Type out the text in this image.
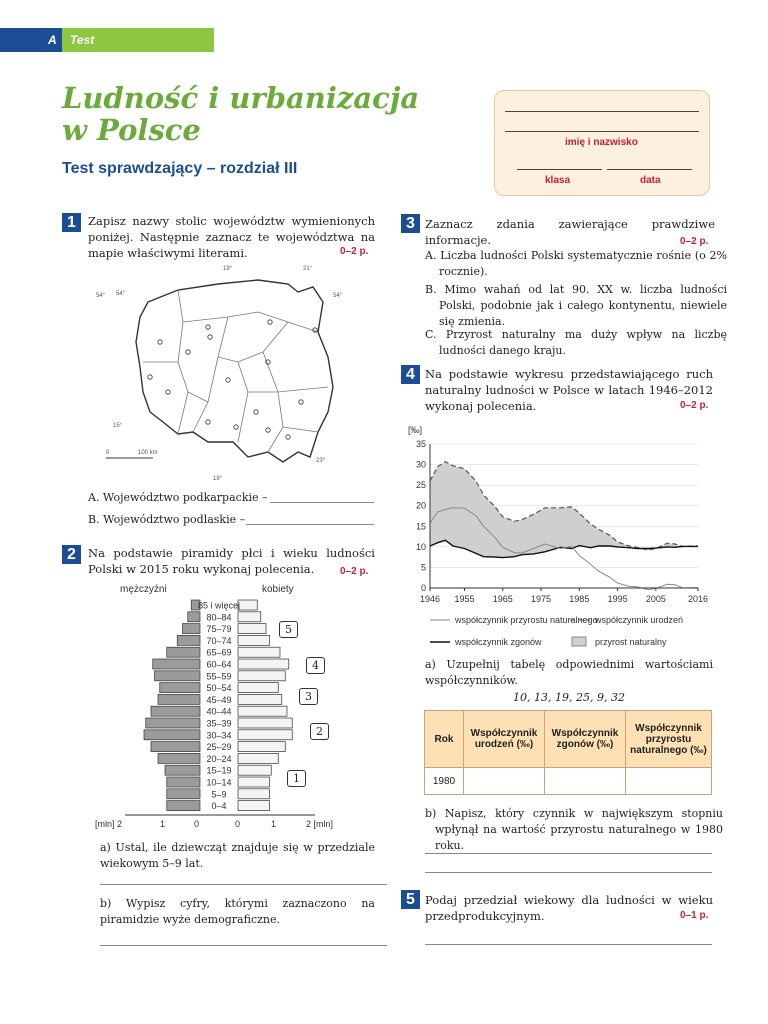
A	Test
Ludność i urbanizacja
w Polsce
Test sprawdzający – rozdział III
imię i nazwisko
klasa	data
1	Zapisz nazwy stolic województw wymienionych poniżej. Następnie zaznacz te województwa na mapie właściwymi literami.	0–2 p.
54°
54°
19°	21°
54°
15°
23°
19°
0	100 km
A. Województwo podkarpackie –
B. Województwo podlaskie –
2	Na podstawie piramidy płci i wieku ludności Polski w 2015 roku wykonaj polecenia.	0–2 p.
mężczyźni	kobiety
85 i więcej
80–84
75–79
70–74
65–69
60–64
55–59
50–54
45–49
40–44
35–39
30–34
25–29
20–24
15–19
10–14
5–9
0–4
[mln] 2	1	0	0	1	2 [mln]
5
4
3
2
1
a) Ustal, ile dziewcząt znajduje się w przedziale wiekowym 5–9 lat.
b) Wypisz cyfry, którymi zaznaczono na piramidzie wyże demograficzne.
3 Zaznacz zdania zawierające prawdziwe informacje.	0–2 p.
A. Liczba ludności Polski systematycznie rośnie (o 2% rocznie).
B. Mimo wahań od lat 90. XX w. liczba ludności Polski, podobnie jak i całego kontynentu, niewiele się zmienia.
C. Przyrost naturalny ma duży wpływ na liczbę ludności danego kraju.
4 Na podstawie wykresu przedstawiającego ruch naturalny ludności w Polsce w latach 1946–2012 wykonaj polecenia.	0–2 p.
[‰]
0
5
10
15
20
25
30
35
1946 1955 1965 1975 1985 1995 2005 2016
współczynnik przyrostu naturalnego
współczynnik urodzeń
współczynnik zgonów	przyrost naturalny
a) Uzupełnij tabelę odpowiednimi wartościami współczynników.
10, 13, 19, 25, 9, 32
Rok	Współczynnik urodzeń (‰)	Współczynnik zgonów (‰)	Współczynnik przyrostu naturalnego (‰)
1980			
b) Napisz, który czynnik w największym stopniu wpłynął na wartość przyrostu naturalnego w 1980 roku.
5 Podaj przedział wiekowy dla ludności w wieku przedprodukcyjnym.	0–1 p.
